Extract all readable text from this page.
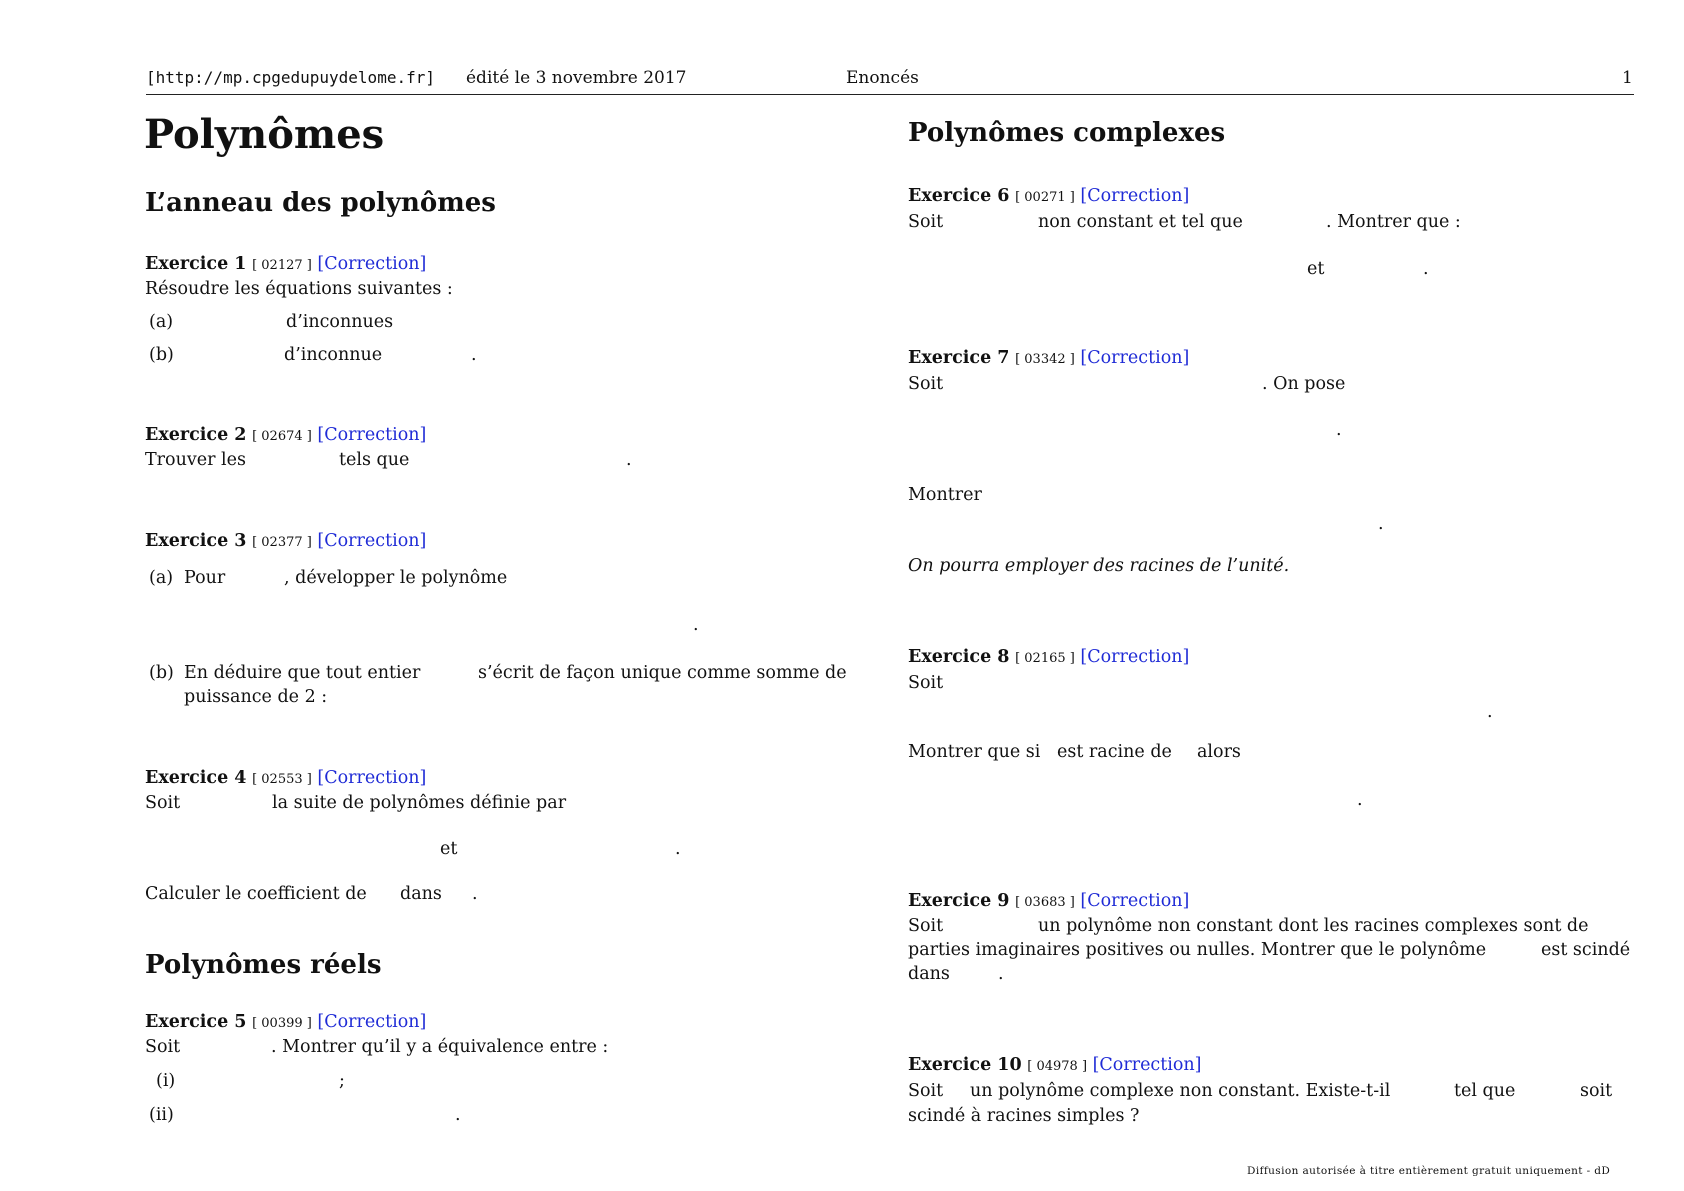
[http://mp.cpgedupuydelome.fr] édité le 3 novembre 2017	Enoncés	1
Polynômes
L’anneau des polynômes
Exercice 1 [ 02127 ] [Correction]
Résoudre les équations suivantes :
(a)	d’inconnues
(b)	d’inconnue	.
Exercice 2 [ 02674 ] [Correction]
Trouver les	tels que	.
Exercice 3 [ 02377 ] [Correction]
(a) Pour	, développer le polynôme
.
(b) En déduire que tout entier	s’écrit de façon unique comme somme de
puissance de 2 :
Exercice 4 [ 02553 ] [Correction]
Soit	la suite de polynômes définie par
et	.
Calculer le coefficient de dans .
Polynômes réels
Exercice 5 [ 00399 ] [Correction]
Soit	. Montrer qu’il y a équivalence entre :
(i)	;
(ii)	.
Polynômes complexes
Exercice 6 [ 00271 ] [Correction]
Soit	non constant et tel que	. Montrer que :
et	.
Exercice 7 [ 03342 ] [Correction]
Soit	. On pose
.
Montrer
.
On pourra employer des racines de l’unité.
Exercice 8 [ 02165 ] [Correction]
Soit
.
Montrer que si est racine de alors
.
Exercice 9 [ 03683 ] [Correction]
Soit	un polynôme non constant dont les racines complexes sont de
parties imaginaires positives ou nulles. Montrer que le polynôme	est scindé
dans	.
Exercice 10 [ 04978 ] [Correction]
Soit un polynôme complexe non constant. Existe-t-il	tel que	soit
scindé à racines simples ?
Diffusion autorisée à titre entièrement gratuit uniquement - dD
